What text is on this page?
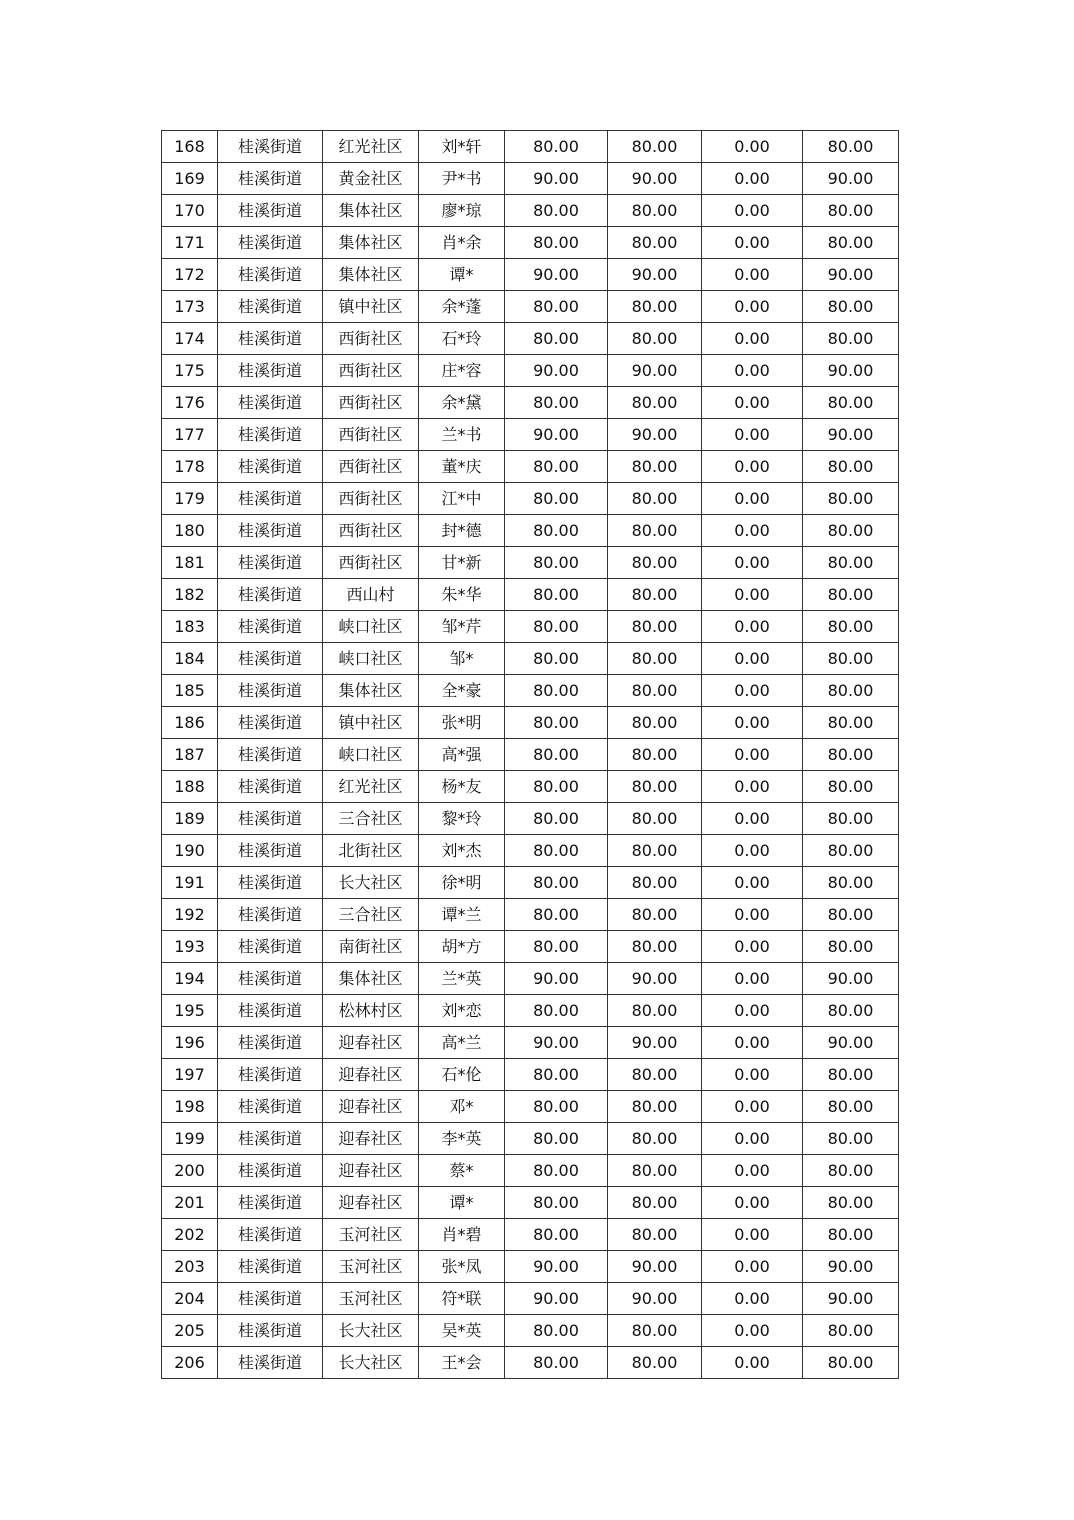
168	桂溪街道	红光社区	刘*轩	80.00	80.00	0.00	80.00
169	桂溪街道	黄金社区	尹*书	90.00	90.00	0.00	90.00
170	桂溪街道	集体社区	廖*琼	80.00	80.00	0.00	80.00
171	桂溪街道	集体社区	肖*余	80.00	80.00	0.00	80.00
172	桂溪街道	集体社区	谭*	90.00	90.00	0.00	90.00
173	桂溪街道	镇中社区	余*蓬	80.00	80.00	0.00	80.00
174	桂溪街道	西街社区	石*玲	80.00	80.00	0.00	80.00
175	桂溪街道	西街社区	庄*容	90.00	90.00	0.00	90.00
176	桂溪街道	西街社区	余*黛	80.00	80.00	0.00	80.00
177	桂溪街道	西街社区	兰*书	90.00	90.00	0.00	90.00
178	桂溪街道	西街社区	董*庆	80.00	80.00	0.00	80.00
179	桂溪街道	西街社区	江*中	80.00	80.00	0.00	80.00
180	桂溪街道	西街社区	封*德	80.00	80.00	0.00	80.00
181	桂溪街道	西街社区	甘*新	80.00	80.00	0.00	80.00
182	桂溪街道	西山村	朱*华	80.00	80.00	0.00	80.00
183	桂溪街道	峡口社区	邹*芹	80.00	80.00	0.00	80.00
184	桂溪街道	峡口社区	邹*	80.00	80.00	0.00	80.00
185	桂溪街道	集体社区	全*豪	80.00	80.00	0.00	80.00
186	桂溪街道	镇中社区	张*明	80.00	80.00	0.00	80.00
187	桂溪街道	峡口社区	高*强	80.00	80.00	0.00	80.00
188	桂溪街道	红光社区	杨*友	80.00	80.00	0.00	80.00
189	桂溪街道	三合社区	黎*玲	80.00	80.00	0.00	80.00
190	桂溪街道	北街社区	刘*杰	80.00	80.00	0.00	80.00
191	桂溪街道	长大社区	徐*明	80.00	80.00	0.00	80.00
192	桂溪街道	三合社区	谭*兰	80.00	80.00	0.00	80.00
193	桂溪街道	南街社区	胡*方	80.00	80.00	0.00	80.00
194	桂溪街道	集体社区	兰*英	90.00	90.00	0.00	90.00
195	桂溪街道	松林村区	刘*恋	80.00	80.00	0.00	80.00
196	桂溪街道	迎春社区	高*兰	90.00	90.00	0.00	90.00
197	桂溪街道	迎春社区	石*伦	80.00	80.00	0.00	80.00
198	桂溪街道	迎春社区	邓*	80.00	80.00	0.00	80.00
199	桂溪街道	迎春社区	李*英	80.00	80.00	0.00	80.00
200	桂溪街道	迎春社区	蔡*	80.00	80.00	0.00	80.00
201	桂溪街道	迎春社区	谭*	80.00	80.00	0.00	80.00
202	桂溪街道	玉河社区	肖*碧	80.00	80.00	0.00	80.00
203	桂溪街道	玉河社区	张*凤	90.00	90.00	0.00	90.00
204	桂溪街道	玉河社区	符*联	90.00	90.00	0.00	90.00
205	桂溪街道	长大社区	吴*英	80.00	80.00	0.00	80.00
206	桂溪街道	长大社区	王*会	80.00	80.00	0.00	80.00
